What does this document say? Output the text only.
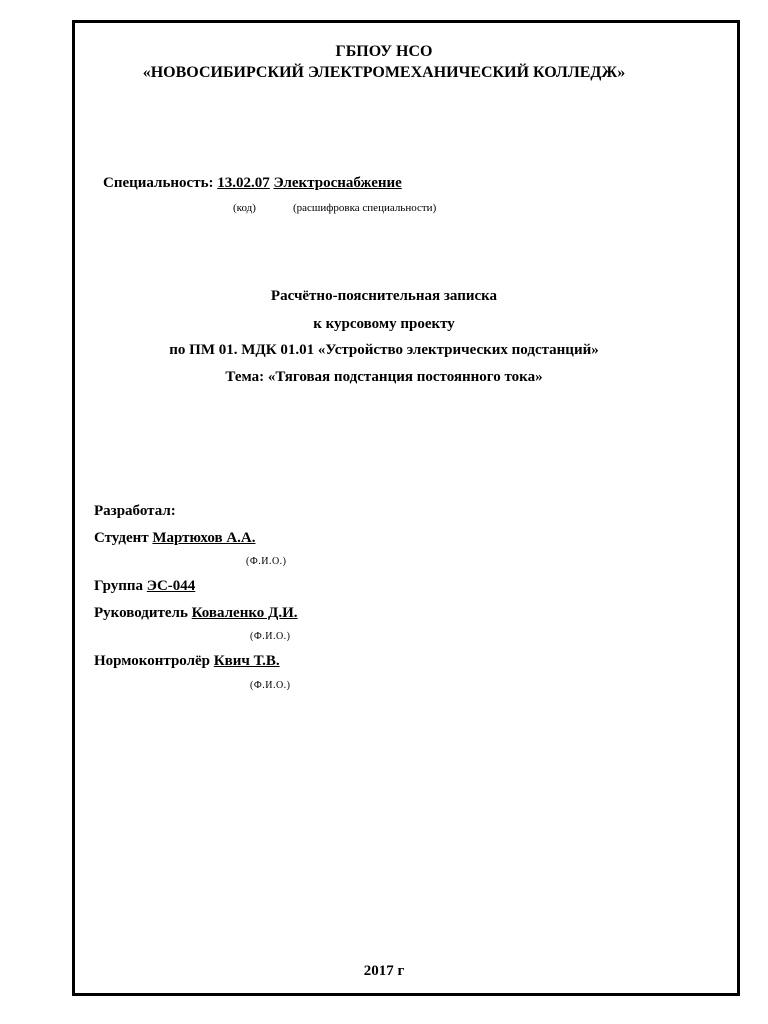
ГБПОУ НСО
«НОВОСИБИРСКИЙ ЭЛЕКТРОМЕХАНИЧЕСКИЙ КОЛЛЕДЖ»
Специальность: 13.02.07 Электроснабжение
(код)	(расшифровка специальности)
Расчётно-пояснительная записка
к курсовому проекту
по ПМ 01. МДК 01.01 «Устройство электрических подстанций»
Тема: «Тяговая подстанция постоянного тока»
Разработал:
Студент Мартюхов А.А.
(Ф.И.О.)
Группа ЭС-044
Руководитель Коваленко Д.И.
(Ф.И.О.)
Нормоконтролёр Квич Т.В.
(Ф.И.О.)
2017 г
